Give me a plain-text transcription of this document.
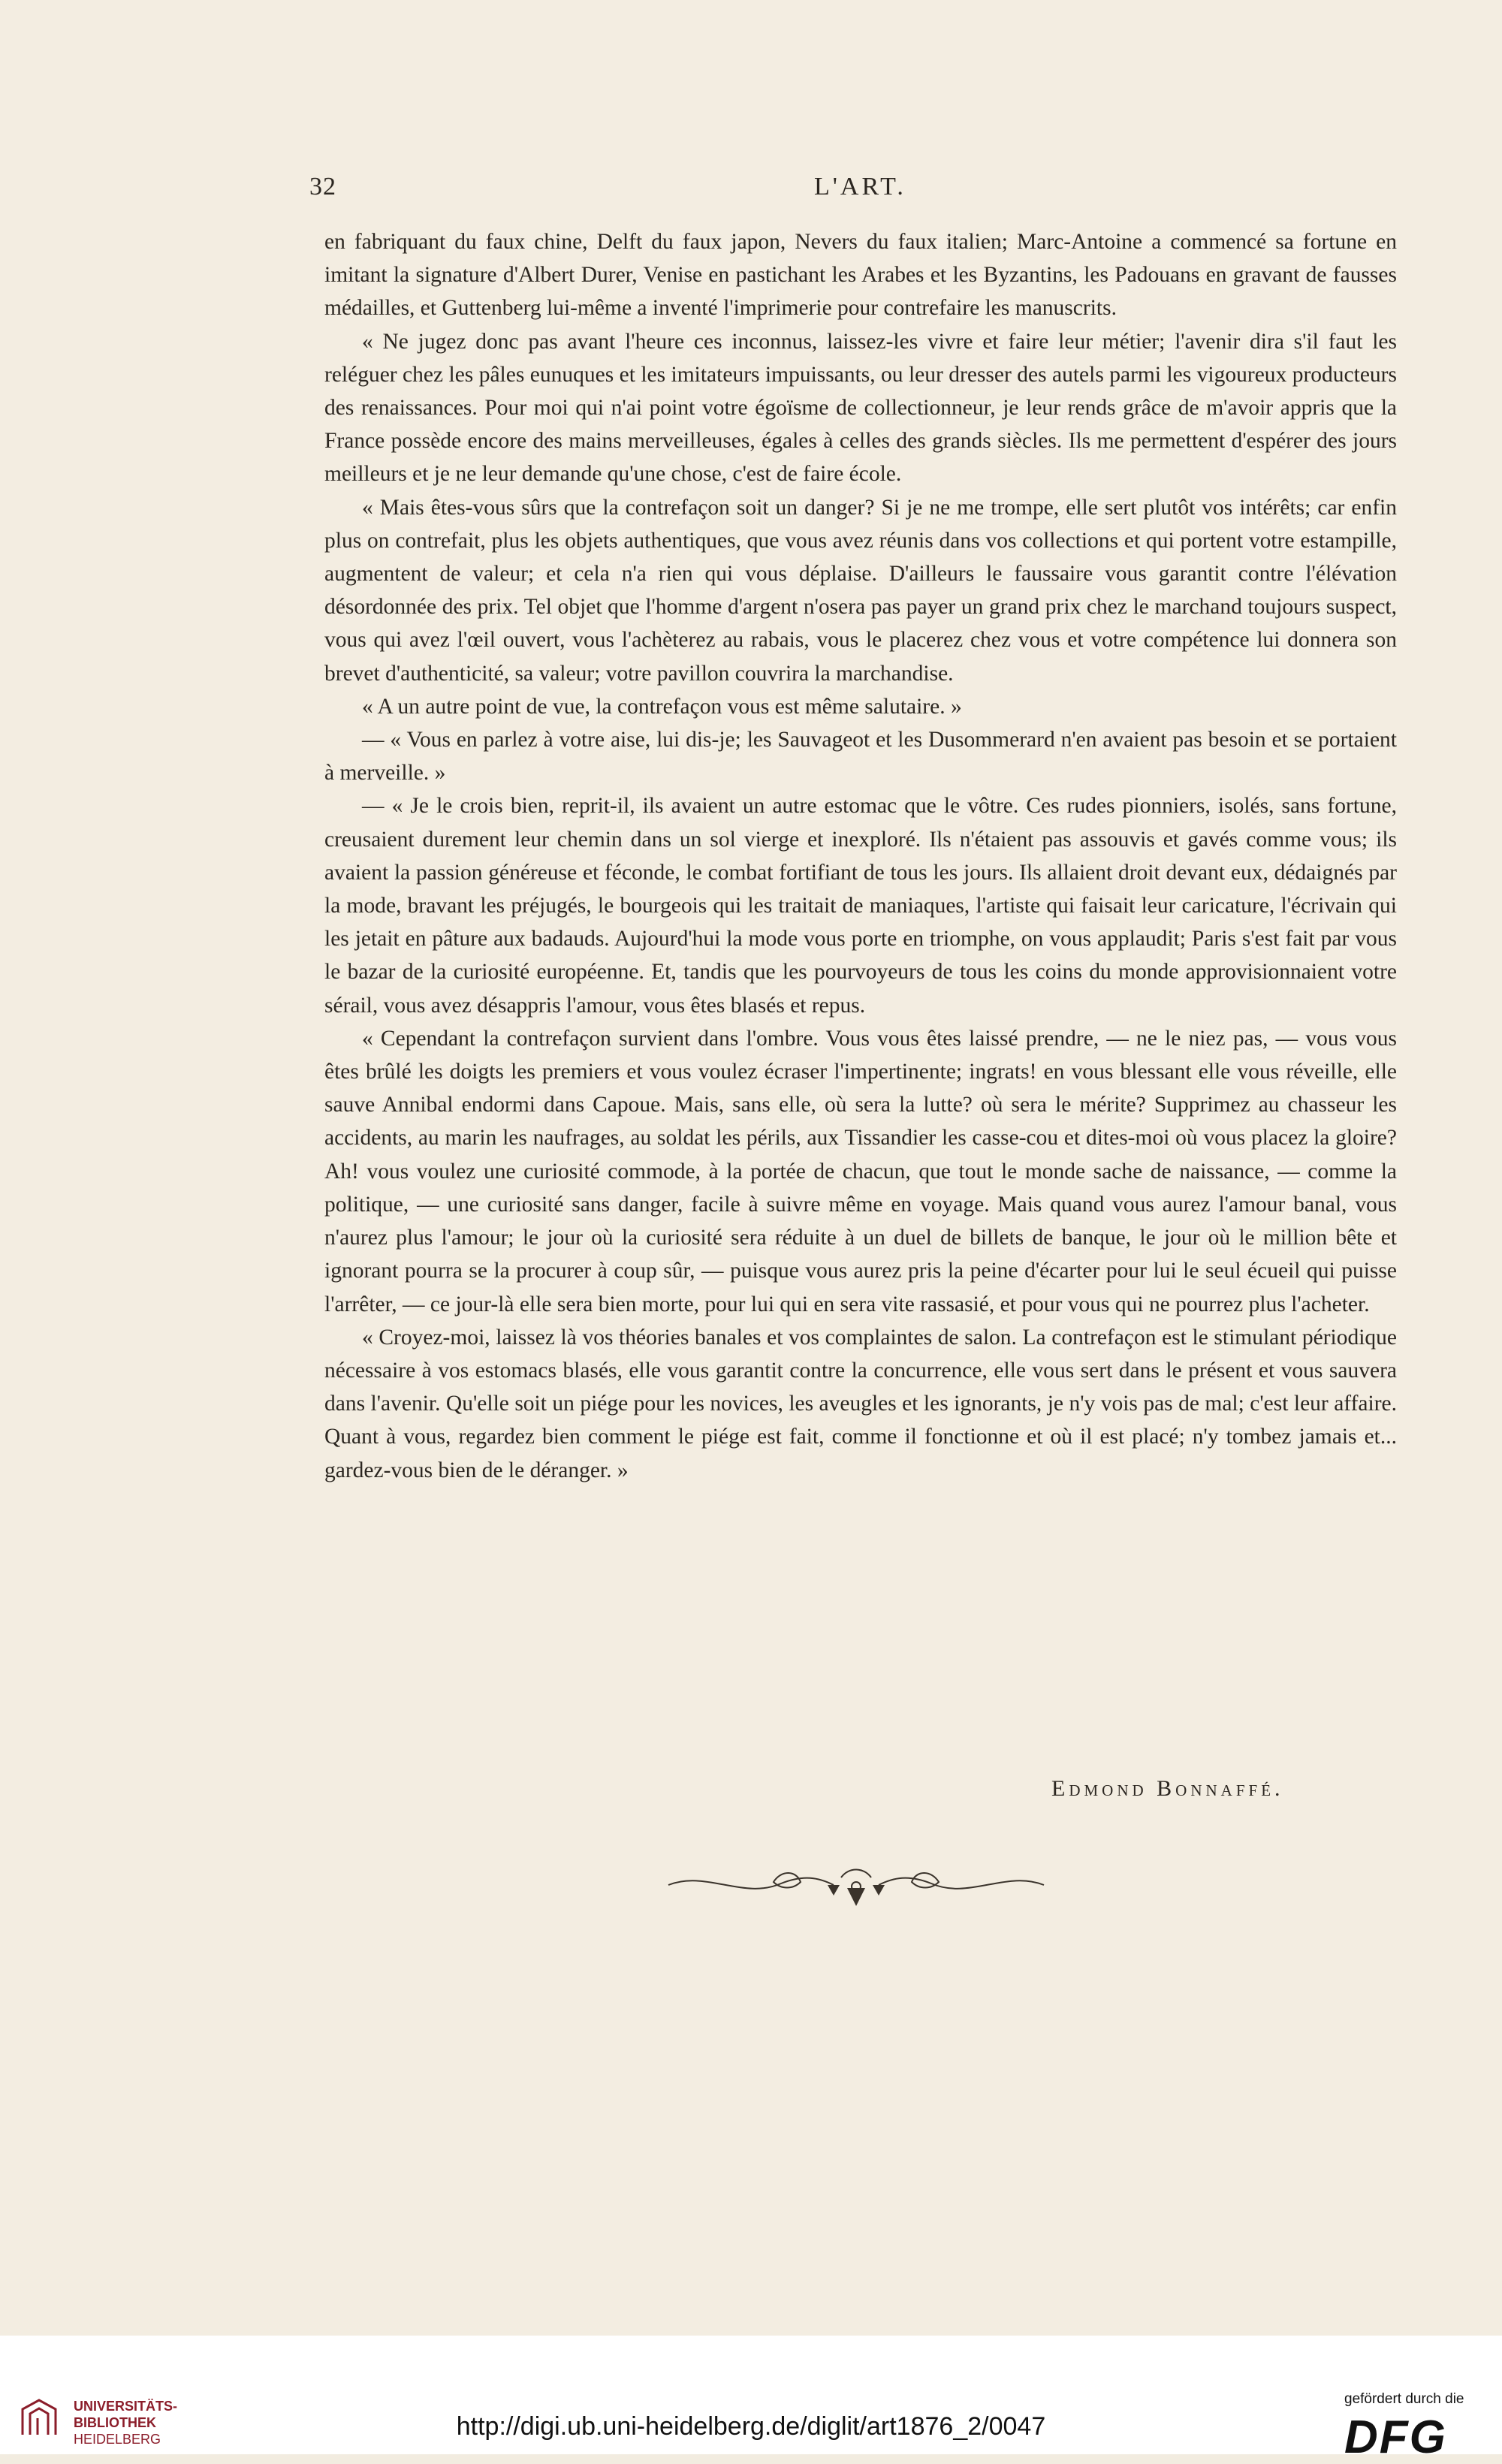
32	L'ART.

en fabriquant du faux chine, Delft du faux japon, Nevers du faux italien; Marc-Antoine a commencé sa fortune en imitant la signature d'Albert Durer, Venise en pastichant les Arabes et les Byzantins, les Padouans en gravant de fausses médailles, et Guttenberg lui-même a inventé l'imprimerie pour contrefaire les manuscrits.

« Ne jugez donc pas avant l'heure ces inconnus, laissez-les vivre et faire leur métier; l'avenir dira s'il faut les reléguer chez les pâles eunuques et les imitateurs impuissants, ou leur dresser des autels parmi les vigoureux producteurs des renaissances. Pour moi qui n'ai point votre égoïsme de collectionneur, je leur rends grâce de m'avoir appris que la France possède encore des mains merveilleuses, égales à celles des grands siècles. Ils me permettent d'espérer des jours meilleurs et je ne leur demande qu'une chose, c'est de faire école.

« Mais êtes-vous sûrs que la contrefaçon soit un danger? Si je ne me trompe, elle sert plutôt vos intérêts; car enfin plus on contrefait, plus les objets authentiques, que vous avez réunis dans vos collections et qui portent votre estampille, augmentent de valeur; et cela n'a rien qui vous déplaise. D'ailleurs le faussaire vous garantit contre l'élévation désordonnée des prix. Tel objet que l'homme d'argent n'osera pas payer un grand prix chez le marchand toujours suspect, vous qui avez l'œil ouvert, vous l'achèterez au rabais, vous le placerez chez vous et votre compétence lui donnera son brevet d'authenticité, sa valeur; votre pavillon couvrira la marchandise.

« A un autre point de vue, la contrefaçon vous est même salutaire. »

— « Vous en parlez à votre aise, lui dis-je; les Sauvageot et les Dusommerard n'en avaient pas besoin et se portaient à merveille. »

— « Je le crois bien, reprit-il, ils avaient un autre estomac que le vôtre. Ces rudes pionniers, isolés, sans fortune, creusaient durement leur chemin dans un sol vierge et inexploré. Ils n'étaient pas assouvis et gavés comme vous; ils avaient la passion généreuse et féconde, le combat fortifiant de tous les jours. Ils allaient droit devant eux, dédaignés par la mode, bravant les préjugés, le bourgeois qui les traitait de maniaques, l'artiste qui faisait leur caricature, l'écrivain qui les jetait en pâture aux badauds. Aujourd'hui la mode vous porte en triomphe, on vous applaudit; Paris s'est fait par vous le bazar de la curiosité européenne. Et, tandis que les pourvoyeurs de tous les coins du monde approvisionnaient votre sérail, vous avez désappris l'amour, vous êtes blasés et repus.

« Cependant la contrefaçon survient dans l'ombre. Vous vous êtes laissé prendre, — ne le niez pas, — vous vous êtes brûlé les doigts les premiers et vous voulez écraser l'impertinente; ingrats! en vous blessant elle vous réveille, elle sauve Annibal endormi dans Capoue. Mais, sans elle, où sera la lutte? où sera le mérite? Supprimez au chasseur les accidents, au marin les naufrages, au soldat les périls, aux Tissandier les casse-cou et dites-moi où vous placez la gloire? Ah! vous voulez une curiosité commode, à la portée de chacun, que tout le monde sache de naissance, — comme la politique, — une curiosité sans danger, facile à suivre même en voyage. Mais quand vous aurez l'amour banal, vous n'aurez plus l'amour; le jour où la curiosité sera réduite à un duel de billets de banque, le jour où le million bête et ignorant pourra se la procurer à coup sûr, — puisque vous aurez pris la peine d'écarter pour lui le seul écueil qui puisse l'arrêter, — ce jour-là elle sera bien morte, pour lui qui en sera vite rassasié, et pour vous qui ne pourrez plus l'acheter.

« Croyez-moi, laissez là vos théories banales et vos complaintes de salon. La contrefaçon est le stimulant périodique nécessaire à vos estomacs blasés, elle vous garantit contre la concurrence, elle vous sert dans le présent et vous sauvera dans l'avenir. Qu'elle soit un piége pour les novices, les aveugles et les ignorants, je n'y vois pas de mal; c'est leur affaire. Quant à vous, regardez bien comment le piége est fait, comme il fonctionne et où il est placé; n'y tombez jamais et... gardez-vous bien de le déranger. »

Edmond Bonnaffé.
UNIVERSITÄTS-
BIBLIOTHEK
HEIDELBERG	http://digi.ub.uni-heidelberg.de/diglit/art1876_2/0047
gefördert durch die
DFG
